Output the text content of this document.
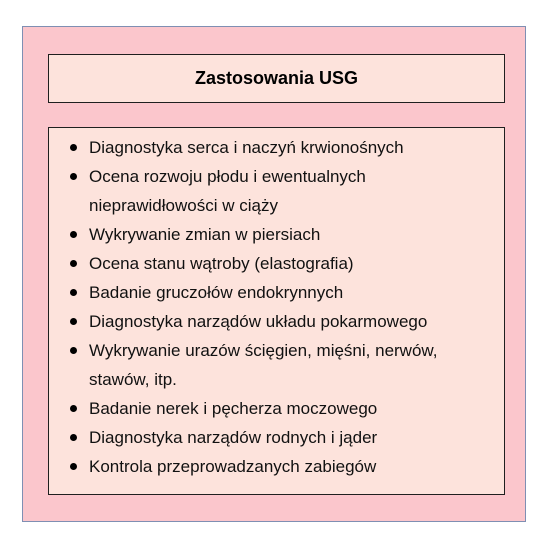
Zastosowania USG
Diagnostyka serca i naczyń krwionośnych
Ocena rozwoju płodu i ewentualnych nieprawidłowości w ciąży
Wykrywanie zmian w piersiach
Ocena stanu wątroby (elastografia)
Badanie gruczołów endokrynnych
Diagnostyka narządów układu pokarmowego
Wykrywanie urazów ścięgien, mięśni, nerwów, stawów, itp.
Badanie nerek i pęcherza moczowego
Diagnostyka narządów rodnych i jąder
Kontrola przeprowadzanych zabiegów
